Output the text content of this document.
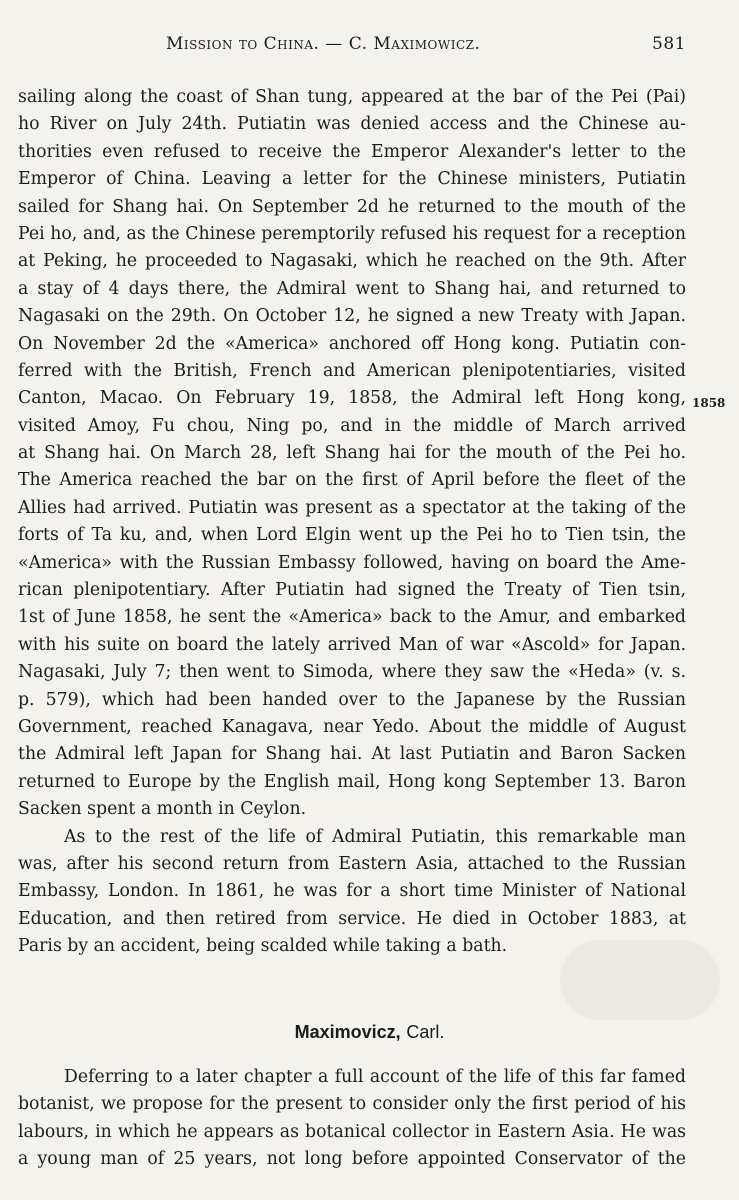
Mission to China. — C. Maximowicz.	581
1858
sailing along the coast of Shan tung, appeared at the bar of the Pei (Pai)
ho River on July 24th. Putiatin was denied access and the Chinese au-
thorities even refused to receive the Emperor Alexander's letter to the
Emperor of China. Leaving a letter for the Chinese ministers, Putiatin
sailed for Shang hai. On September 2d he returned to the mouth of the
Pei ho, and, as the Chinese peremptorily refused his request for a reception
at Peking, he proceeded to Nagasaki, which he reached on the 9th. After
a stay of 4 days there, the Admiral went to Shang hai, and returned to
Nagasaki on the 29th. On October 12, he signed a new Treaty with Japan.
On November 2d the «America» anchored off Hong kong. Putiatin con-
ferred with the British, French and American plenipotentiaries, visited
Canton, Macao. On February 19, 1858, the Admiral left Hong kong,
visited Amoy, Fu chou, Ning po, and in the middle of March arrived
at Shang hai. On March 28, left Shang hai for the mouth of the Pei ho.
The America reached the bar on the first of April before the fleet of the
Allies had arrived. Putiatin was present as a spectator at the taking of the
forts of Ta ku, and, when Lord Elgin went up the Pei ho to Tien tsin, the
«America» with the Russian Embassy followed, having on board the Ame-
rican plenipotentiary. After Putiatin had signed the Treaty of Tien tsin,
1st of June 1858, he sent the «America» back to the Amur, and embarked
with his suite on board the lately arrived Man of war «Ascold» for Japan.
Nagasaki, July 7; then went to Simoda, where they saw the «Heda» (v. s.
p. 579), which had been handed over to the Japanese by the Russian
Government, reached Kanagava, near Yedo. About the middle of August
the Admiral left Japan for Shang hai. At last Putiatin and Baron Sacken
returned to Europe by the English mail, Hong kong September 13. Baron
Sacken spent a month in Ceylon.
As to the rest of the life of Admiral Putiatin, this remarkable man
was, after his second return from Eastern Asia, attached to the Russian
Embassy, London. In 1861, he was for a short time Minister of National
Education, and then retired from service. He died in October 1883, at
Paris by an accident, being scalded while taking a bath.
Maximovicz, Carl.
Deferring to a later chapter a full account of the life of this far famed
botanist, we propose for the present to consider only the first period of his
labours, in which he appears as botanical collector in Eastern Asia. He was
a young man of 25 years, not long before appointed Conservator of the
